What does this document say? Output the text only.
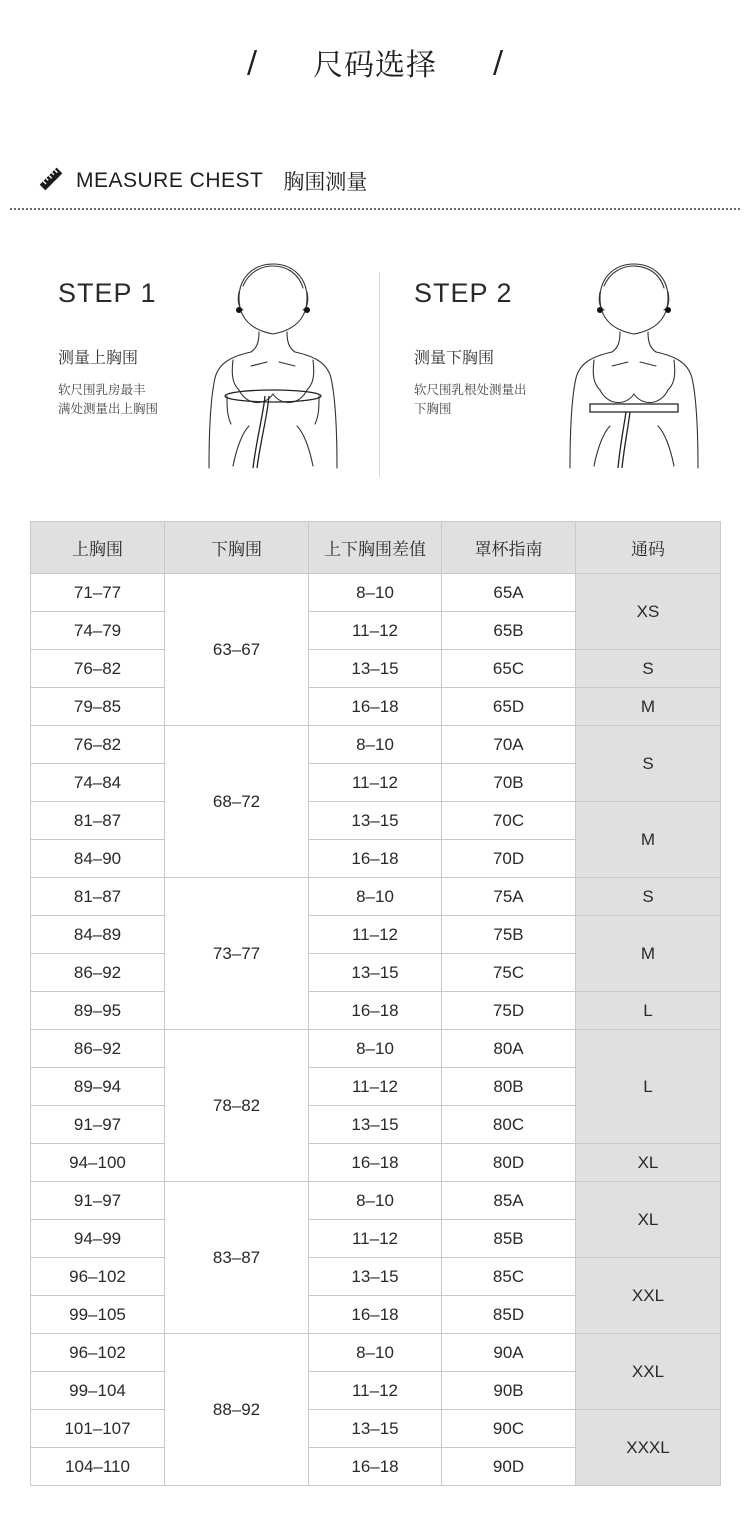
/	尺码选择	/
MEASURE CHEST 胸围测量
STEP 1
测量上胸围
软尺围乳房最丰
满处测量出上胸围
STEP 2
测量下胸围
软尺围乳根处测量出
下胸围
上胸围	下胸围	上下胸围差值	罩杯指南	通码
71–77	63–67	8–10	65A	XS
74–79		11–12	65B	
76–82		13–15	65C	S
79–85		16–18	65D	M
76–82	68–72	8–10	70A	S
74–84		11–12	70B	
81–87		13–15	70C	M
84–90		16–18	70D	
81–87	73–77	8–10	75A	S
84–89		11–12	75B	M
86–92		13–15	75C	
89–95		16–18	75D	L
86–92	78–82	8–10	80A	L
89–94		11–12	80B	
91–97		13–15	80C	
94–100		16–18	80D	XL
91–97	83–87	8–10	85A	XL
94–99		11–12	85B	
96–102		13–15	85C	XXL
99–105		16–18	85D	
96–102	88–92	8–10	90A	XXL
99–104		11–12	90B	
101–107		13–15	90C	XXXL
104–110		16–18	90D	
